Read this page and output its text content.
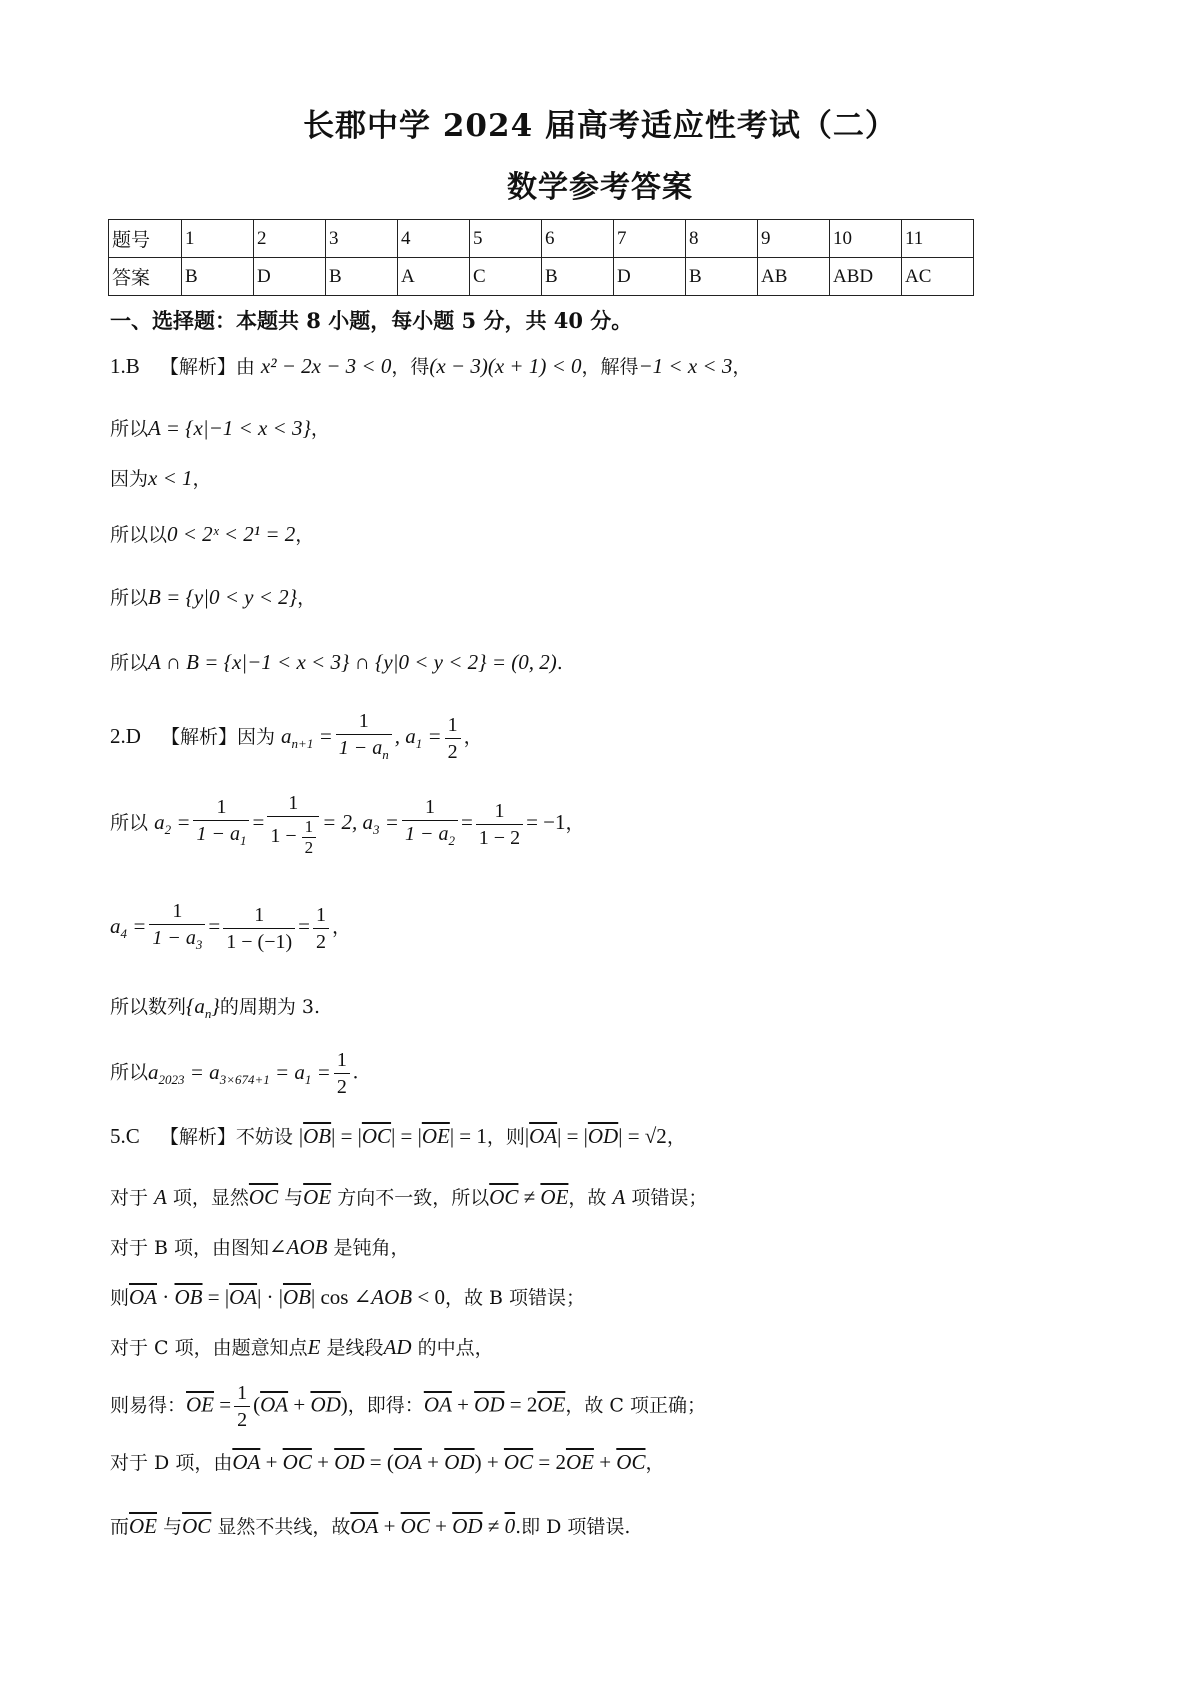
长郡中学 2024 届高考适应性考试（二）
数学参考答案
题号	1	2	3	4	5	6	7	8	9	10	11
答案	B	D	B	A	C	B	D	B	AB	ABD	AC
一、选择题：本题共 8 小题，每小题 5 分，共 40 分。
1.B 【解析】由 x² − 2x − 3 < 0，得(x − 3)(x + 1) < 0，解得−1 < x < 3，
所以A = {x|−1 < x < 3}，
因为x < 1，
所以以0 < 2ˣ < 2¹ = 2，
所以B = {y|0 < y < 2}，
所以A ∩ B = {x|−1 < x < 3} ∩ {y|0 < y < 2} = (0, 2).
2.D 【解析】因为 $a_{n+1} = \frac{1}{1 - a_n}$ , $a_1 = \frac{1}{2}$ ，
所以 $a_2 = \frac{1}{1 - a_1} = \frac{1}{1 - \frac{1}{2}} = 2$, $a_3 = \frac{1}{1 - a_2} = \frac{1}{1 - 2} = -1$，
$a_4 = \frac{1}{1 - a_3} = \frac{1}{1 - (-1)} = \frac{1}{2}$ ，
所以数列$\{a_n\}$的周期为 3.
所以$a_{2023} = a_{3\times 674+1} = a_1 = \frac{1}{2}$ .
5.C 【解析】不妨设 $|\overline{OB}| = |\overline{OC}| = |\overline{OE}| = 1$，则$|\overline{OA}| = |\overline{OD}| = √2$，
对于 A 项，显然$\overline{OC}$ 与$\overline{OE}$ 方向不一致，所以$\overline{OC} \ne \overline{OE}$，故 A 项错误；
对于 B 项，由图知∠AOB 是钝角，
则$\overline{OA} \cdot \overline{OB} = |\overline{OA}| \cdot |\overline{OB}|$ cos ∠AOB < 0，故 B 项错误；
对于 C 项，由题意知点E 是线段AD 的中点，
则易得：$\overline{OE} = \frac{1}{2} (\overline{OA} + \overline{OD})$，即得：$\overline{OA} + \overline{OD} = 2\overline{OE}$，故 C 项正确；
对于 D 项，由$\overline{OA} + \overline{OC} + \overline{OD} = (\overline{OA} + \overline{OD}) + \overline{OC} = 2\overline{OE} + \overline{OC}$，
而$\overline{OE}$ 与$\overline{OC}$ 显然不共线，故$\overline{OA} + \overline{OC} + \overline{OD} \ne 0$.即 D 项错误.
